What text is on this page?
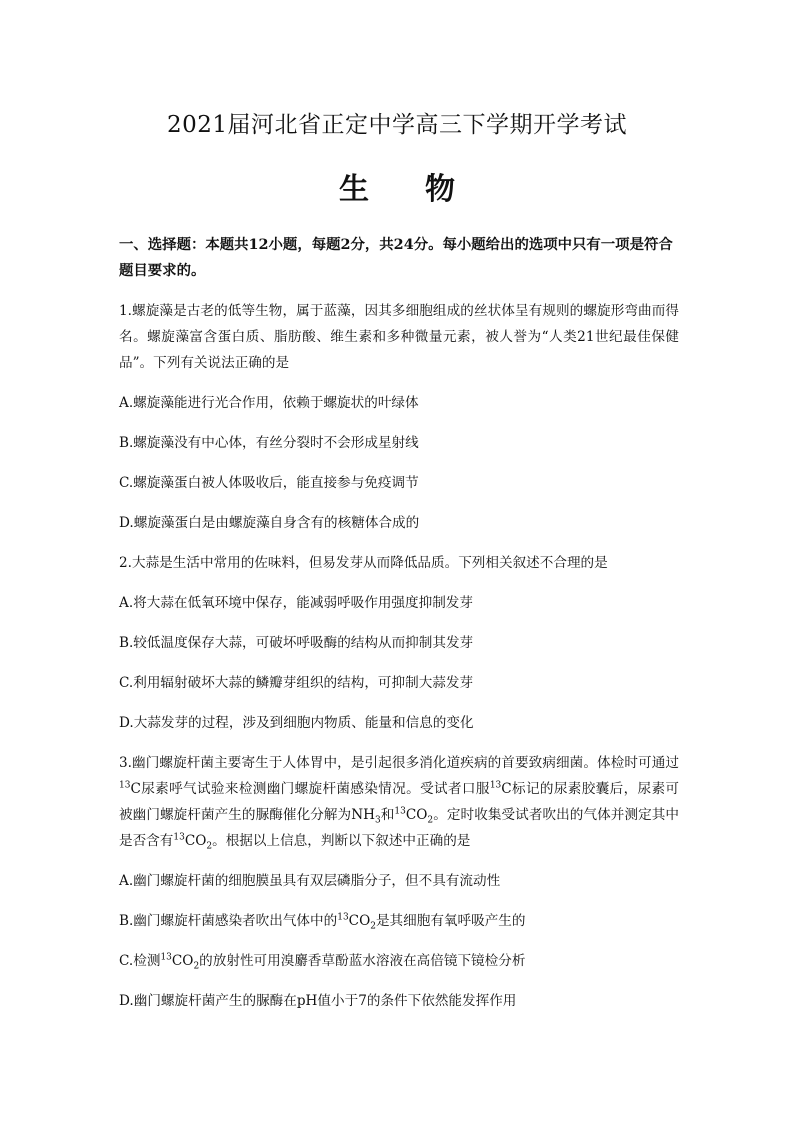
2021届河北省正定中学高三下学期开学考试
生 物
一、选择题：本题共12小题，每题2分，共24分。每小题给出的选项中只有一项是符合题目要求的。

1.螺旋藻是古老的低等生物，属于蓝藻，因其多细胞组成的丝状体呈有规则的螺旋形弯曲而得名。螺旋藻富含蛋白质、脂肪酸、维生素和多种微量元素，被人誉为“人类21世纪最佳保健品”。下列有关说法正确的是

A.螺旋藻能进行光合作用，依赖于螺旋状的叶绿体

B.螺旋藻没有中心体，有丝分裂时不会形成星射线

C.螺旋藻蛋白被人体吸收后，能直接参与免疫调节

D.螺旋藻蛋白是由螺旋藻自身含有的核糖体合成的

2.大蒜是生活中常用的佐味料，但易发芽从而降低品质。下列相关叙述不合理的是

A.将大蒜在低氧环境中保存，能减弱呼吸作用强度抑制发芽

B.较低温度保存大蒜，可破坏呼吸酶的结构从而抑制其发芽

C.利用辐射破坏大蒜的鳞瓣芽组织的结构，可抑制大蒜发芽

D.大蒜发芽的过程，涉及到细胞内物质、能量和信息的变化

3.幽门螺旋杆菌主要寄生于人体胃中，是引起很多消化道疾病的首要致病细菌。体检时可通过$^{13}$C尿素呼气试验来检测幽门螺旋杆菌感染情况。受试者口服$^{13}$C标记的尿素胶囊后，尿素可被幽门螺旋杆菌产生的脲酶催化分解为$NH_3$和$^{13}CO_2$。定时收集受试者吹出的气体并测定其中是否含有$^{13}CO_2$。根据以上信息，判断以下叙述中正确的是

A.幽门螺旋杆菌的细胞膜虽具有双层磷脂分子，但不具有流动性

B.幽门螺旋杆菌感染者吹出气体中的$^{13}CO_2$是其细胞有氧呼吸产生的

C.检测$^{13}CO_2$的放射性可用溴麝香草酚蓝水溶液在高倍镜下镜检分析

D.幽门螺旋杆菌产生的脲酶在pH值小于7的条件下依然能发挥作用
